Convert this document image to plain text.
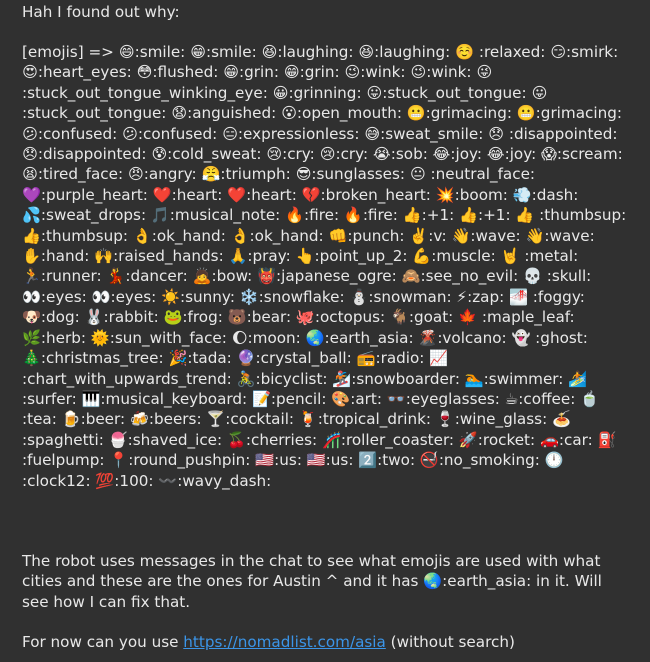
Hah I found out why:

[emojis] => 😄:smile: 😁:smile: 😆:laughing: 😆:laughing: ☺️ :relaxed: 😏:smirk: 😍:heart_eyes: 😳:flushed: 😁:grin: 😁:grin: 😉:wink: 😉:wink: 😜 :stuck_out_tongue_winking_eye: 😀:grinning: 😛:stuck_out_tongue: 😛 :stuck_out_tongue: 😧:anguished: 😮:open_mouth: 😬:grimacing: 😬:grimacing: 😕:confused: 😕:confused: 😑:expressionless: 😅:sweat_smile: 😞 :disappointed: 😞:disappointed: 😰:cold_sweat: 😢:cry: 😢:cry: 😭:sob: 😂:joy: 😂:joy: 😱:scream: 😫:tired_face: 😠:angry: 😤:triumph: 😎:sunglasses: 😐 :neutral_face: 💜:purple_heart: ❤️:heart: ❤️:heart: 💔:broken_heart: 💥:boom: 💨:dash: 💦:sweat_drops: 🎵:musical_note: 🔥:fire: 🔥:fire: 👍:+1: 👍:+1: 👍 :thumbsup: 👍:thumbsup: 👌:ok_hand: 👌:ok_hand: 👊:punch: ✌️:v: 👋:wave: 👋:wave: ✋:hand: 🙌:raised_hands: 🙏:pray: 👆:point_up_2: 💪:muscle: 🤘 :metal: 🏃:runner: 💃:dancer: 🙇:bow: 👹:japanese_ogre: 🙈:see_no_evil: 💀 :skull: 👀:eyes: 👀:eyes: ☀️:sunny: ❄️:snowflake: ⛄:snowman: ⚡:zap: 🌁 :foggy: 🐶:dog: 🐰:rabbit: 🐸:frog: 🐻:bear: 🐙:octopus: 🐐:goat: 🍁 :maple_leaf: 🌿:herb: 🌞:sun_with_face: 🌔:moon: 🌏:earth_asia: 🌋:volcano: 👻 :ghost: 🎄:christmas_tree: 🎉:tada: 🔮:crystal_ball: 📻:radio: 📈 :chart_with_upwards_trend: 🚴:bicyclist: 🏂:snowboarder: 🏊:swimmer: 🏄 :surfer: 🎹:musical_keyboard: 📝:pencil: 🎨:art: 👓:eyeglasses: ☕:coffee: 🍵 :tea: 🍺:beer: 🍻:beers: 🍸:cocktail: 🍹:tropical_drink: 🍷:wine_glass: 🍝 :spaghetti: 🍧:shaved_ice: 🍒:cherries: 🎢:roller_coaster: 🚀:rocket: 🚗:car: ⛽ :fuelpump: 📍:round_pushpin: 🇺🇸:us: 🇺🇸:us: 2️⃣:two: 🚭:no_smoking: 🕛 :clock12: 💯:100: 〰️:wavy_dash:

The robot uses messages in the chat to see what emojis are used with what cities and these are the ones for Austin ^ and it has 🌏:earth_asia: in it. Will see how I can fix that.

For now can you use https://nomadlist.com/asia (without search)
